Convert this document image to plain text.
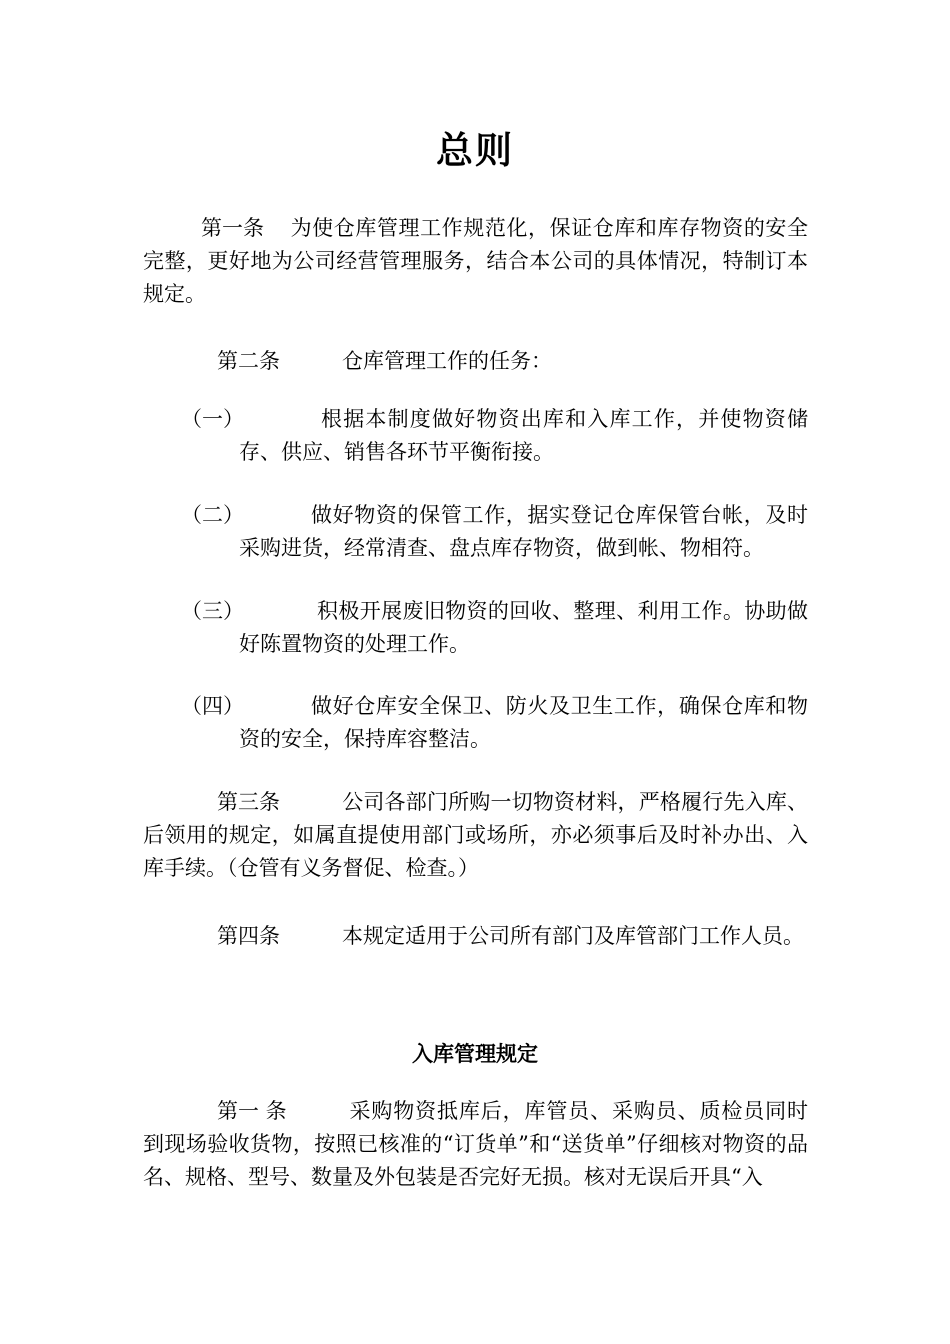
总则
第一条 为使仓库管理工作规范化，保证仓库和库存物资的安全完整，更好地为公司经营管理服务，结合本公司的具体情况，特制订本规定。
第二条	仓库管理工作的任务：
（一）	根据本制度做好物资出库和入库工作，并使物资储存、供应、销售各环节平衡衔接。
（二）	做好物资的保管工作，据实登记仓库保管台帐，及时采购进货，经常清查、盘点库存物资，做到帐、物相符。
（三）	积极开展废旧物资的回收、整理、利用工作。协助做好陈置物资的处理工作。
（四）	做好仓库安全保卫、防火及卫生工作，确保仓库和物资的安全，保持库容整洁。
第三条	公司各部门所购一切物资材料，严格履行先入库、后领用的规定，如属直提使用部门或场所，亦必须事后及时补办出、入库手续。（仓管有义务督促、检查。）
第四条	本规定适用于公司所有部门及库管部门工作人员。
入库管理规定
第一 条	采购物资抵库后，库管员、采购员、质检员同时到现场验收货物，按照已核准的“订货单”和“送货单”仔细核对物资的品名、规格、型号、数量及外包装是否完好无损。核对无误后开具“入
